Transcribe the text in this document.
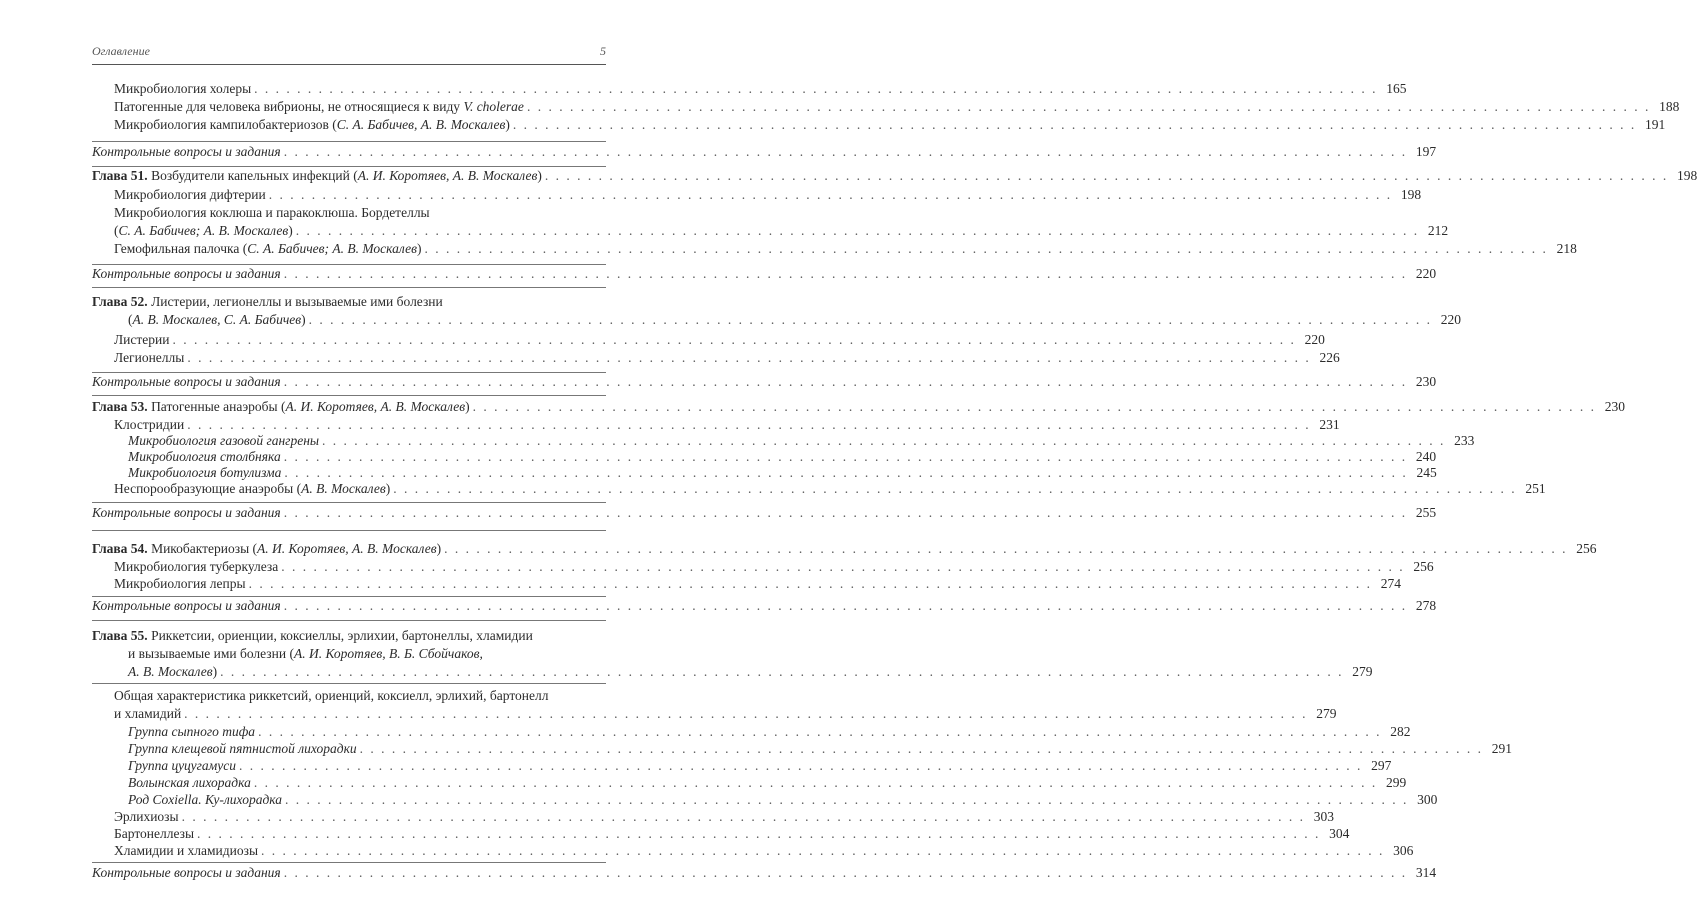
Оглавление	5
Микробиология холеры . . .	165
Патогенные для человека вибрионы, не относящиеся к виду V. cholerae . . .	188
Микробиология кампилобактериозов (С. А. Бабичев, А. В. Москалев) . . .	191
Контрольные вопросы и задания . . .	197
Глава 51. Возбудители капельных инфекций (А. И. Коротяев, А. В. Москалев) . . .	198
Микробиология дифтерии . . .	198
Микробиология коклюша и паракоклюша. Бордетеллы
(С. А. Бабичев; А. В. Москалев) . . .	212
Гемофильная палочка (С. А. Бабичев; А. В. Москалев) . . .	218
Контрольные вопросы и задания . . .	220
Глава 52. Листерии, легионеллы и вызываемые ими болезни
(А. В. Москалев, С. А. Бабичев) . . .	220
Листерии . . .	220
Легионеллы . . .	226
Контрольные вопросы и задания . . .	230
Глава 53. Патогенные анаэробы (А. И. Коротяев, А. В. Москалев) . . .	230
Клостридии . . .	231
Микробиология газовой гангрены . . .	233
Микробиология столбняка . . .	240
Микробиология ботулизма . . .	245
Неспорообразующие анаэробы (А. В. Москалев) . . .	251
Контрольные вопросы и задания . . .	255
Глава 54. Микобактериозы (А. И. Коротяев, А. В. Москалев) . . .	256
Микробиология туберкулеза . . .	256
Микробиология лепры . . .	274
Контрольные вопросы и задания . . .	278
Глава 55. Риккетсии, ориенции, коксиеллы, эрлихии, бартонеллы, хламидии
и вызываемые ими болезни (А. И. Коротяев, В. Б. Сбойчаков,
А. В. Москалев) . . .	279
Общая характеристика риккетсий, ориенций, коксиелл, эрлихий, бартонелл
и хламидий . . .	279
Группа сыпного тифа . . .	282
Группа клещевой пятнистой лихорадки . . .	291
Группа цуцугамуси . . .	297
Волынская лихорадка . . .	299
Род Coxiella. Ку-лихорадка . . .	300
Эрлихиозы . . .	303
Бартонеллезы . . .	304
Хламидии и хламидиозы . . .	306
Контрольные вопросы и задания . . .	314
